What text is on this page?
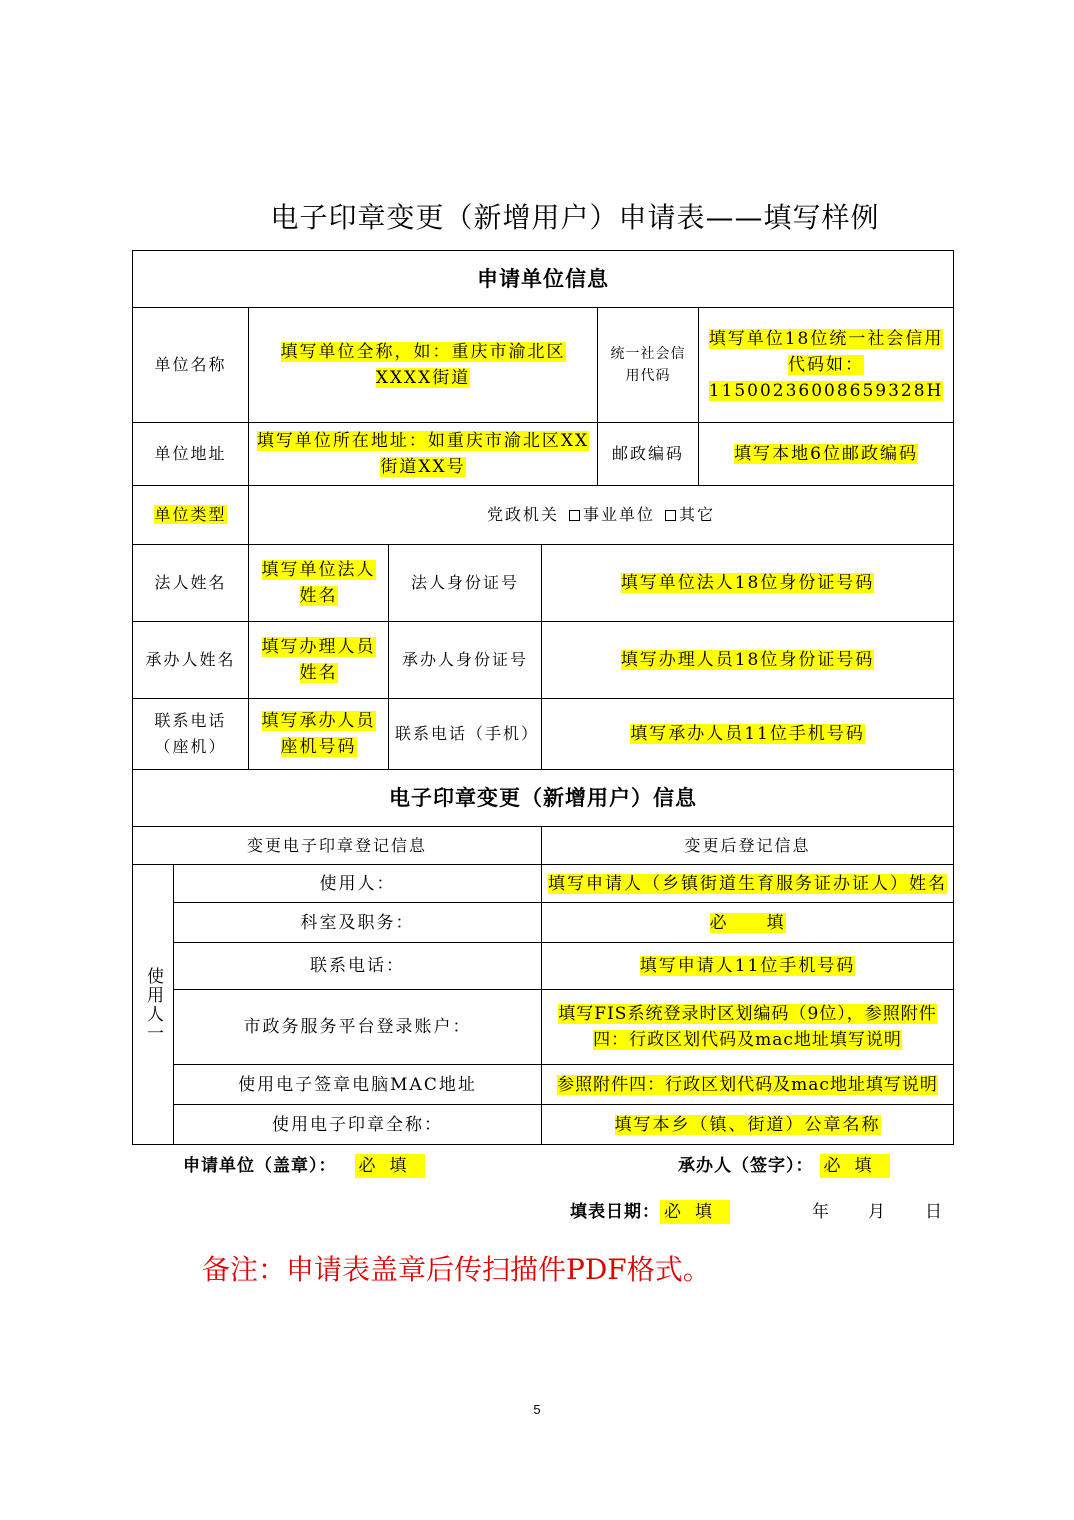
电子印章变更（新增用户）申请表——填写样例
申请单位信息						
单位名称		填写单位全称，如：重庆市渝北区XXXX街道			统一社会信用代码	填写单位18位统一社会信用代码如：11500236008659328H
单位地址		填写单位所在地址：如重庆市渝北区XX街道XX号			邮政编码	填写本地6位邮政编码
单位类型		党政机关 事业单位 其它				
法人姓名		填写单位法人姓名	法人身份证号	填写单位法人18位身份证号码		
承办人姓名		填写办理人员姓名	承办人身份证号	填写办理人员18位身份证号码		
联系电话（座机）		填写承办人员座机号码	联系电话（手机）	填写承办人员11位手机号码		
电子印章变更（新增用户）信息						
变更电子印章登记信息				变更后登记信息		
使用人一	使用人：			填写申请人（乡镇街道生育服务证办证人）姓名		
	科室及职务：			必　　填		
	联系电话：			填写申请人11位手机号码		
	市政务服务平台登录账户：			填写FIS系统登录时区划编码（9位），参照附件四：行政区划代码及mac地址填写说明		
	使用电子签章电脑MAC地址			参照附件四：行政区划代码及mac地址填写说明		
	使用电子印章全称：			填写本乡（镇、街道）公章名称		
申请单位（盖章）： 必填	承办人（签字）： 必填
填表日期： 必填	年 月 日
备注：申请表盖章后传扫描件PDF格式。
5
